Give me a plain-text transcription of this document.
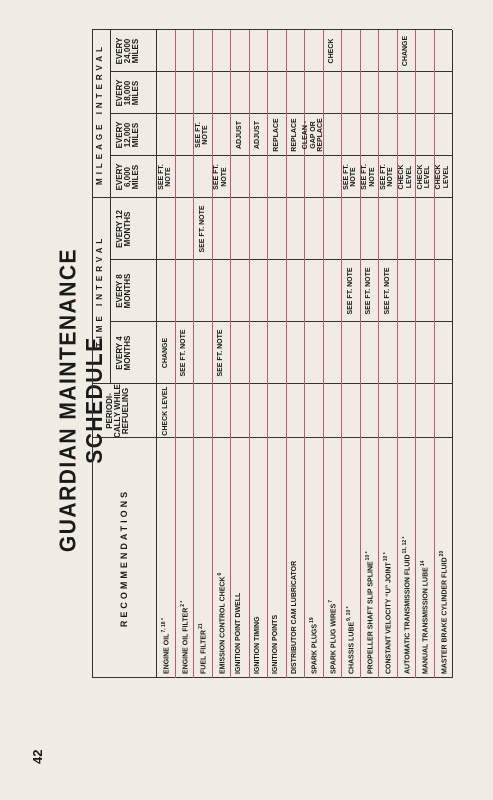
42
GUARDIAN MAINTENANCE SCHEDULE
RECOMMENDATIONS
PERIODI- CALLY WHILE REFUELING
TIME INTERVAL
MILEAGE INTERVAL
EVERY 4 MONTHS
EVERY 8 MONTHS
EVERY 12 MONTHS
EVERY 6,000 MILES
EVERY 12,000 MILES
EVERY 18,000 MILES
EVERY 24,000 MILES
ENGINE $OIL^{7, 18 *}$
CHECK LEVEL
CHANGE
SEE FT. NOTE
ENGINE OIL $FILTER^{2 *}$
SEE FT. NOTE
FUEL FILTER$^{21}$
SEE FT. NOTE
SEE FT. NOTE
EMISSION CONTROL CHECK$^6$
SEE FT. NOTE
SEE FT. NOTE
IGNITION POINT DWELL
ADJUST
IGNITION TIMING
ADJUST
IGNITION POINTS
REPLACE
DISTRIBUTOR CAM LUBRICATOR
REPLACE
SPARK PLUGS$^{19}$
CLEAN - GAP OR REPLACE
SPARK PLUG WIRES$^7$
CHECK
CHASSIS $LUBE^{9, 10 *}$
SEE FT. NOTE
SEE FT. NOTE
PROPELLER SHAFT SLIP $SPLINE^{10 *}$
SEE FT. NOTE
SEE FT. NOTE
CONSTANT VELOCITY “U” $JOINT^{10 *}$
SEE FT. NOTE
SEE FT. NOTE
AUTOMATIC TRANSMISSION $FLUID^{11, 12 *}$
CHECK LEVEL
CHANGE
MANUAL TRANSMISSION LUBE$^{14}$
CHECK LEVEL
MASTER BRAKE CYLINDER FLUID$^{20}$
CHECK LEVEL
